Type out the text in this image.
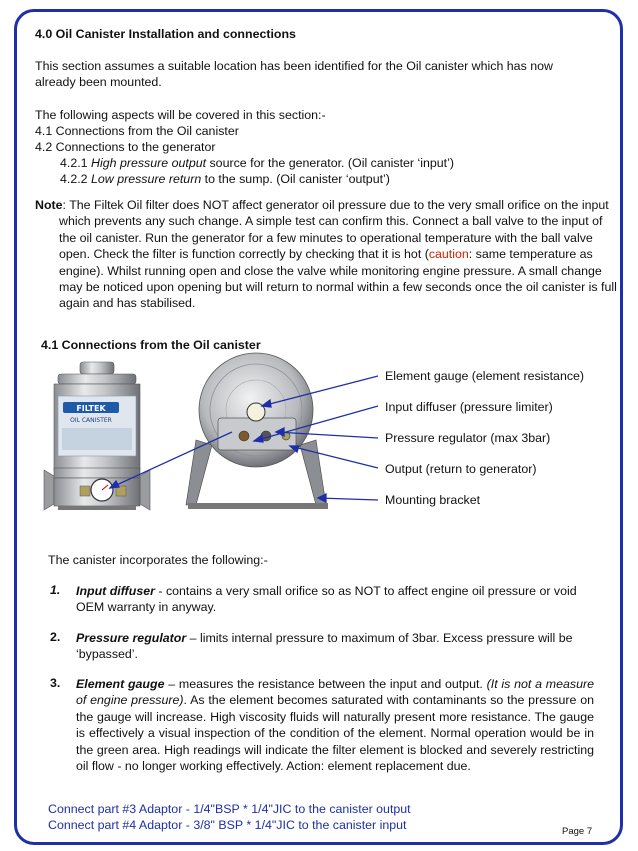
4.0 Oil Canister Installation and connections
This section assumes a suitable location has been identified for the Oil canister which has now already been mounted.
The following aspects will be covered in this section:-
4.1 Connections from the Oil canister
4.2 Connections to the generator
4.2.1 High pressure output source for the generator. (Oil canister ‘input’)
4.2.2 Low pressure return to the sump. (Oil canister ‘output’)
Note: The Filtek Oil filter does NOT affect generator oil pressure due to the very small orifice on the input which prevents any such change. A simple test can confirm this. Connect a ball valve to the input of the oil canister. Run the generator for a few minutes to operational temperature with the ball valve open. Check the filter is function correctly by checking that it is hot (caution: same temperature as engine). Whilst running open and close the valve while monitoring engine pressure. A small change may be noticed upon opening but will return to normal within a few seconds once the oil canister is full again and has stabilised.
4.1 Connections from the Oil canister
FILTEK
OIL CANISTER
Element gauge (element resistance)
Input diffuser (pressure limiter)
Pressure regulator (max 3bar)
Output (return to generator)
Mounting bracket
The canister incorporates the following:-
1. Input diffuser - contains a very small orifice so as NOT to affect engine oil pressure or void OEM warranty in anyway.
2. Pressure regulator – limits internal pressure to maximum of 3bar. Excess pressure will be ‘bypassed’.
3. Element gauge – measures the resistance between the input and output. (It is not a measure of engine pressure). As the element becomes saturated with contaminants so the pressure on the gauge will increase. High viscosity fluids will naturally present more resistance. The gauge is effectively a visual inspection of the condition of the element. Normal operation would be in the green area. High readings will indicate the filter element is blocked and severely restricting oil flow - no longer working effectively. Action: element replacement due.
Connect part #3 Adaptor - 1/4"BSP * 1/4"JIC to the canister output
Connect part #4 Adaptor - 3/8" BSP * 1/4"JIC to the canister input	Page 7
